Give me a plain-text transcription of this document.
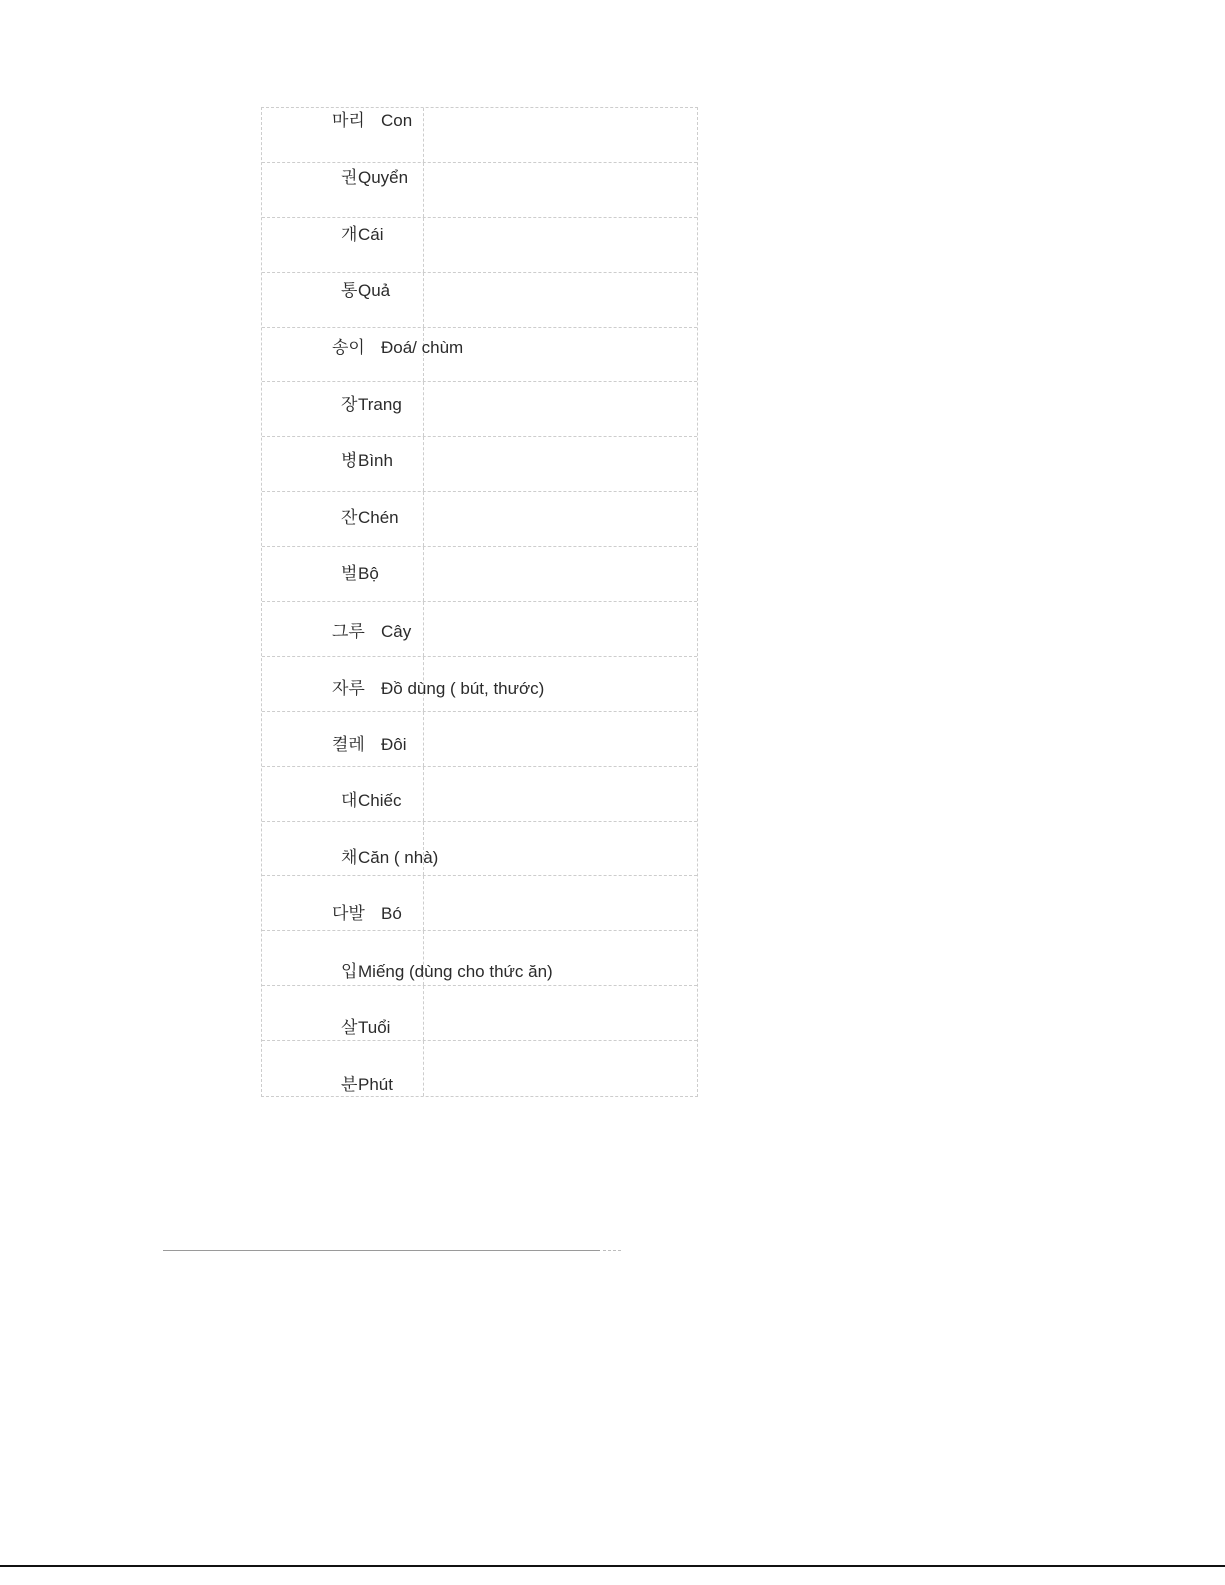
마리 Con
권Quyển
개Cái
통Quả
송이 Đoá/ chùm
장Trang
병Bình
잔Chén
벌Bộ
그루 Cây
자루 Đồ dùng ( bút, thước)
켤레 Đôi
대Chiếc
채Căn ( nhà)
다발 Bó
입Miếng (dùng cho thức ăn)
살Tuổi
분Phút
